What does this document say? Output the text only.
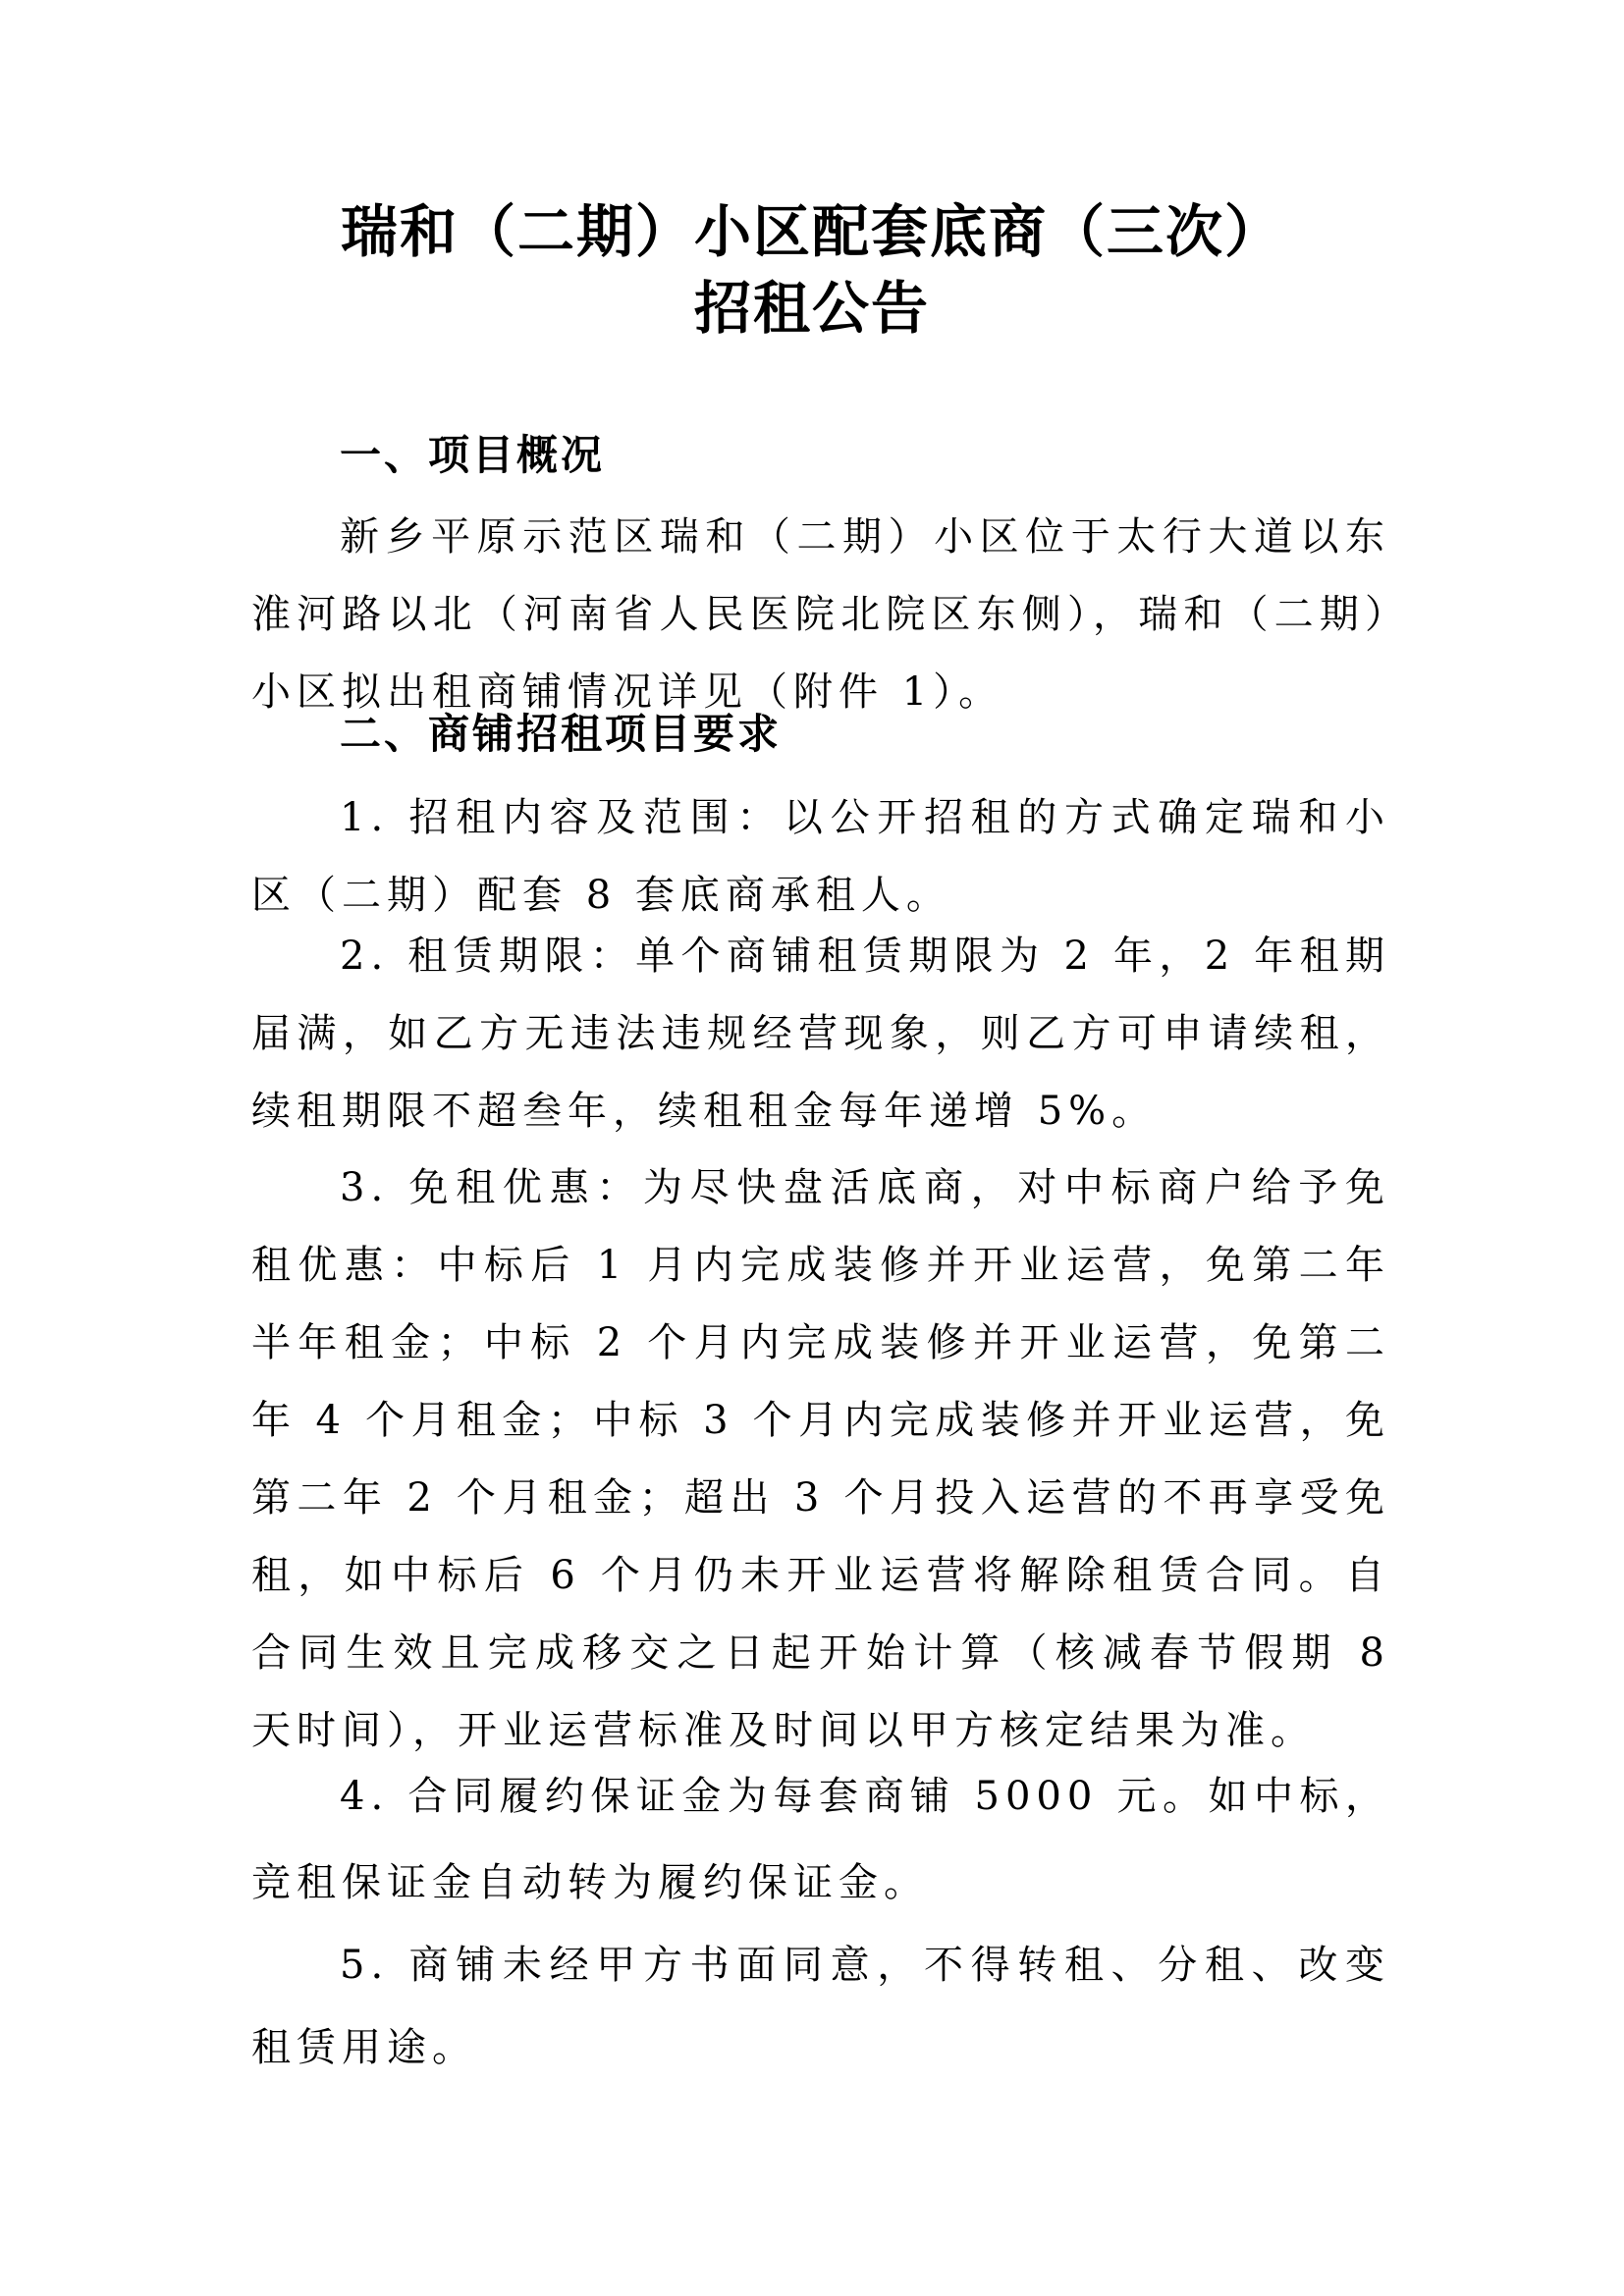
瑞和（二期）小区配套底商（三次）
招租公告
一、项目概况
新乡平原示范区瑞和（二期）小区位于太行大道以东淮河路以北（河南省人民医院北院区东侧），瑞和（二期）小区拟出租商铺情况详见（附件 1）。
二、商铺招租项目要求
1. 招租内容及范围：以公开招租的方式确定瑞和小区（二期）配套 8 套底商承租人。
2. 租赁期限：单个商铺租赁期限为 2 年，2 年租期届满，如乙方无违法违规经营现象，则乙方可申请续租，续租期限不超叁年，续租租金每年递增 5%。
3. 免租优惠：为尽快盘活底商，对中标商户给予免租优惠：中标后 1 月内完成装修并开业运营，免第二年半年租金；中标 2 个月内完成装修并开业运营，免第二年 4 个月租金；中标 3 个月内完成装修并开业运营，免第二年 2 个月租金；超出 3 个月投入运营的不再享受免租，如中标后 6 个月仍未开业运营将解除租赁合同。自合同生效且完成移交之日起开始计算（核减春节假期 8 天时间），开业运营标准及时间以甲方核定结果为准。
4. 合同履约保证金为每套商铺 5000 元。如中标，竞租保证金自动转为履约保证金。
5. 商铺未经甲方书面同意，不得转租、分租、改变租赁用途。
